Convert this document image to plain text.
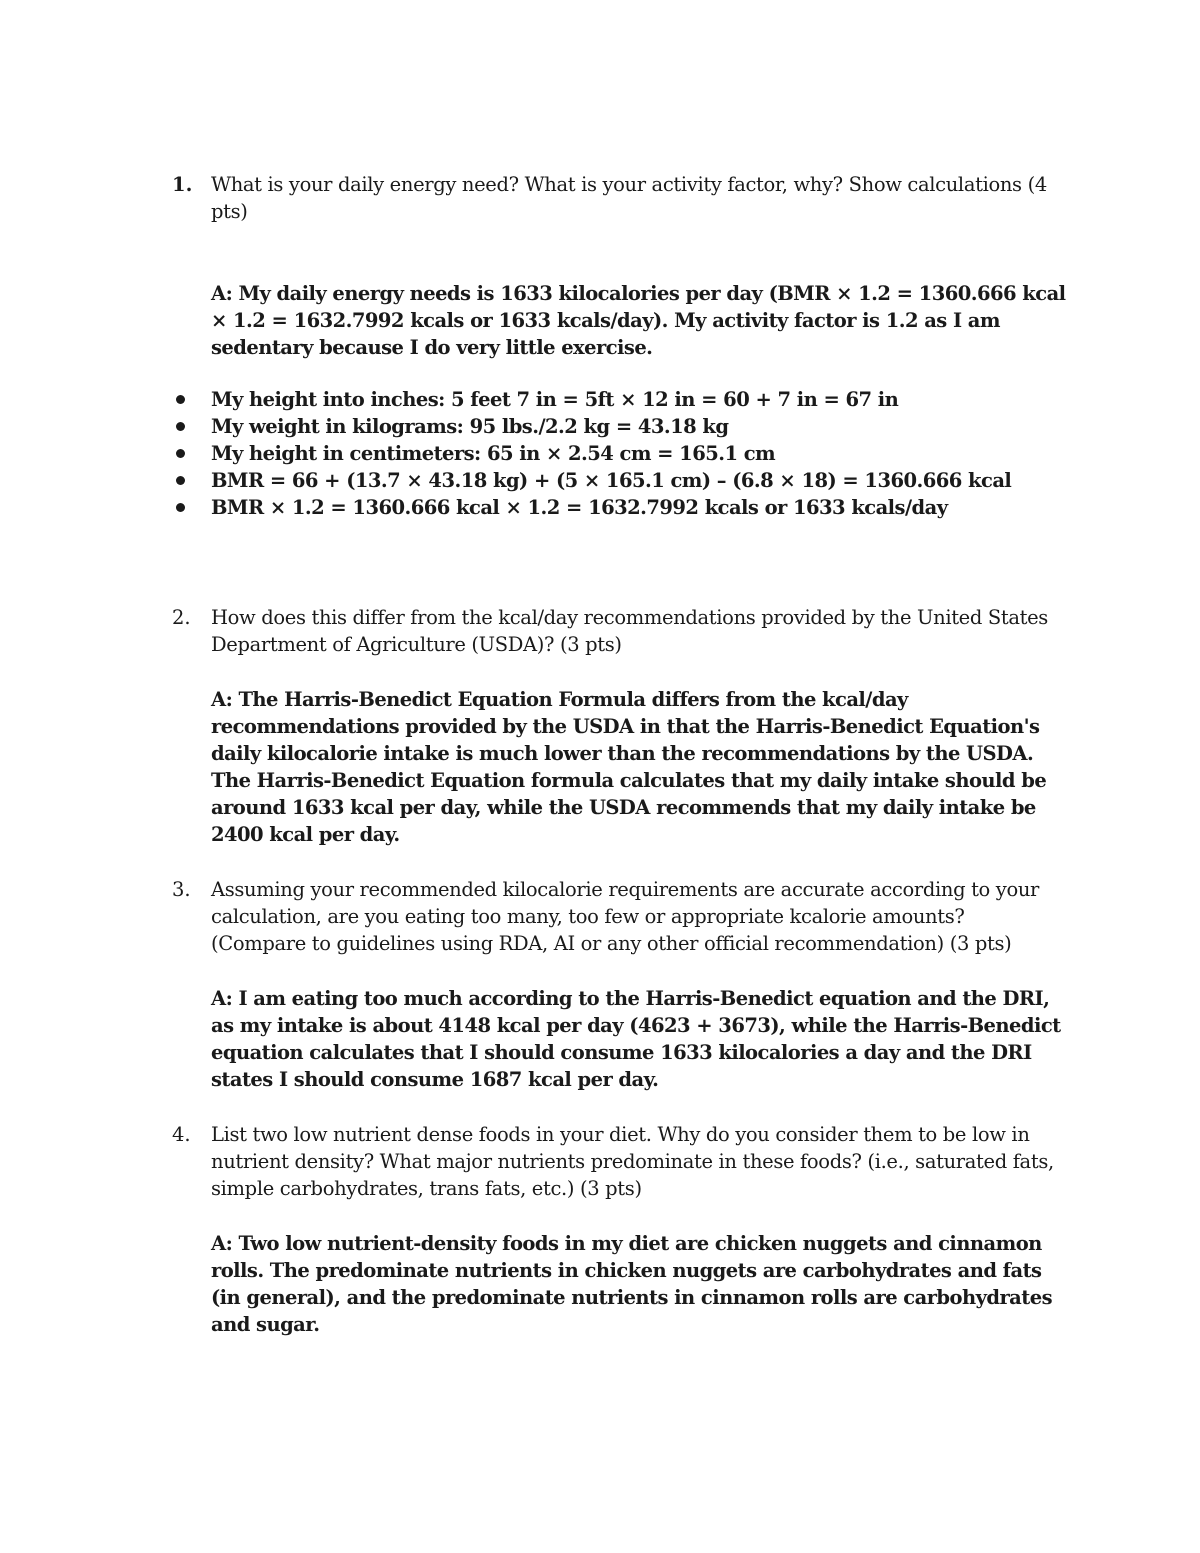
1. What is your daily energy need? What is your activity factor, why? Show calculations (4 pts)
A: My daily energy needs is 1633 kilocalories per day (BMR × 1.2 = 1360.666 kcal × 1.2 = 1632.7992 kcals or 1633 kcals/day). My activity factor is 1.2 as I am sedentary because I do very little exercise.
My height into inches: 5 feet 7 in = 5ft × 12 in = 60 + 7 in = 67 in
My weight in kilograms: 95 lbs./2.2 kg = 43.18 kg
My height in centimeters: 65 in × 2.54 cm = 165.1 cm
BMR = 66 + (13.7 × 43.18 kg) + (5 × 165.1 cm) – (6.8 × 18) = 1360.666 kcal
BMR × 1.2 = 1360.666 kcal × 1.2 = 1632.7992 kcals or 1633 kcals/day
2. How does this differ from the kcal/day recommendations provided by the United States Department of Agriculture (USDA)? (3 pts)
A: The Harris-Benedict Equation Formula differs from the kcal/day recommendations provided by the USDA in that the Harris-Benedict Equation's daily kilocalorie intake is much lower than the recommendations by the USDA. The Harris-Benedict Equation formula calculates that my daily intake should be around 1633 kcal per day, while the USDA recommends that my daily intake be 2400 kcal per day.
3. Assuming your recommended kilocalorie requirements are accurate according to your calculation, are you eating too many, too few or appropriate kcalorie amounts? (Compare to guidelines using RDA, AI or any other official recommendation) (3 pts)
A: I am eating too much according to the Harris-Benedict equation and the DRI, as my intake is about 4148 kcal per day (4623 + 3673), while the Harris-Benedict equation calculates that I should consume 1633 kilocalories a day and the DRI states I should consume 1687 kcal per day.
4. List two low nutrient dense foods in your diet. Why do you consider them to be low in nutrient density? What major nutrients predominate in these foods? (i.e., saturated fats, simple carbohydrates, trans fats, etc.) (3 pts)
A: Two low nutrient-density foods in my diet are chicken nuggets and cinnamon rolls. The predominate nutrients in chicken nuggets are carbohydrates and fats (in general), and the predominate nutrients in cinnamon rolls are carbohydrates and sugar.
